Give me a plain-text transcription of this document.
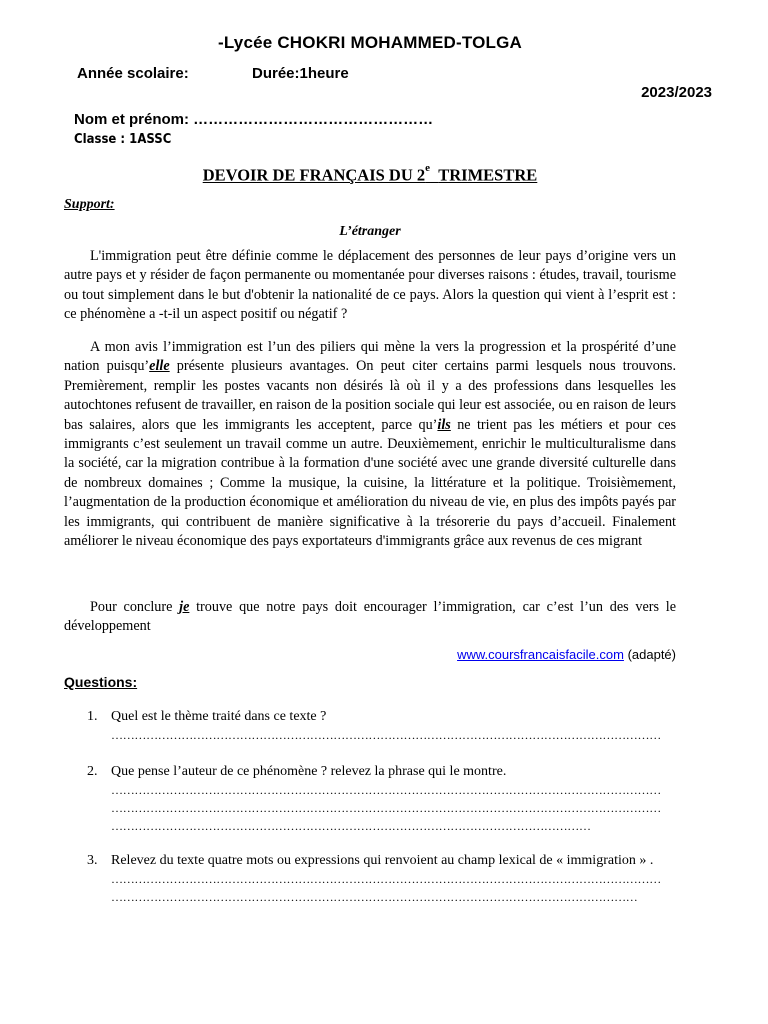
-Lycée CHOKRI MOHAMMED-TOLGA
Année scolaire:	Durée:1heure
2023/2023
Nom et prénom: …………………………………………
Classe : 1ASSC
DEVOIR DE FRANÇAIS DU 2e TRIMESTRE
Support:
L’étranger
L'immigration peut être définie comme le déplacement des personnes de leur pays d’origine vers un autre pays et y résider de façon permanente ou momentanée pour diverses raisons : études, travail, tourisme ou tout simplement dans le but d'obtenir la nationalité de ce pays. Alors la question qui vient à l’esprit est : ce phénomène a -t-il un aspect positif ou négatif ?
A mon avis l’immigration est l’un des piliers qui mène la vers la progression et la prospérité d’une nation puisqu’elle présente plusieurs avantages. On peut citer certains parmi lesquels nous trouvons. Premièrement, remplir les postes vacants non désirés là où il y a des professions dans lesquelles les autochtones refusent de travailler, en raison de la position sociale qui leur est associée, ou en raison de leurs bas salaires, alors que les immigrants les acceptent, parce qu’ils ne trient pas les métiers et pour ces immigrants c’est seulement un travail comme un autre. Deuxièmement, enrichir le multiculturalisme dans la société, car la migration contribue à la formation d'une société avec une grande diversité culturelle dans de nombreux domaines ; Comme la musique, la cuisine, la littérature et la politique. Troisièmement, l’augmentation de la production économique et amélioration du niveau de vie, en plus des impôts payés par les immigrants, qui contribuent de manière significative à la trésorerie du pays d’accueil. Finalement améliorer le niveau économique des pays exportateurs d'immigrants grâce aux revenus de ces migrant
Pour conclure je trouve que notre pays doit encourager l’immigration, car c’est l’un des vers le développement
www.coursfrancaisfacile.com (adapté)
Questions:
1. Quel est le thème traité dans ce texte ?
……………………………………………………………………………………………………………………………
2. Que pense l’auteur de ce phénomène ? relevez la phrase qui le montre.
……………………………………………………………………………………………………………………………
……………………………………………………………………………………………………………………………
……………………………………………………………………………………………………………
3. Relevez du texte quatre mots ou expressions qui renvoient au champ lexical de « immigration » .
……………………………………………………………………………………………………………………………
………………………………………………………………………………………………………………………
